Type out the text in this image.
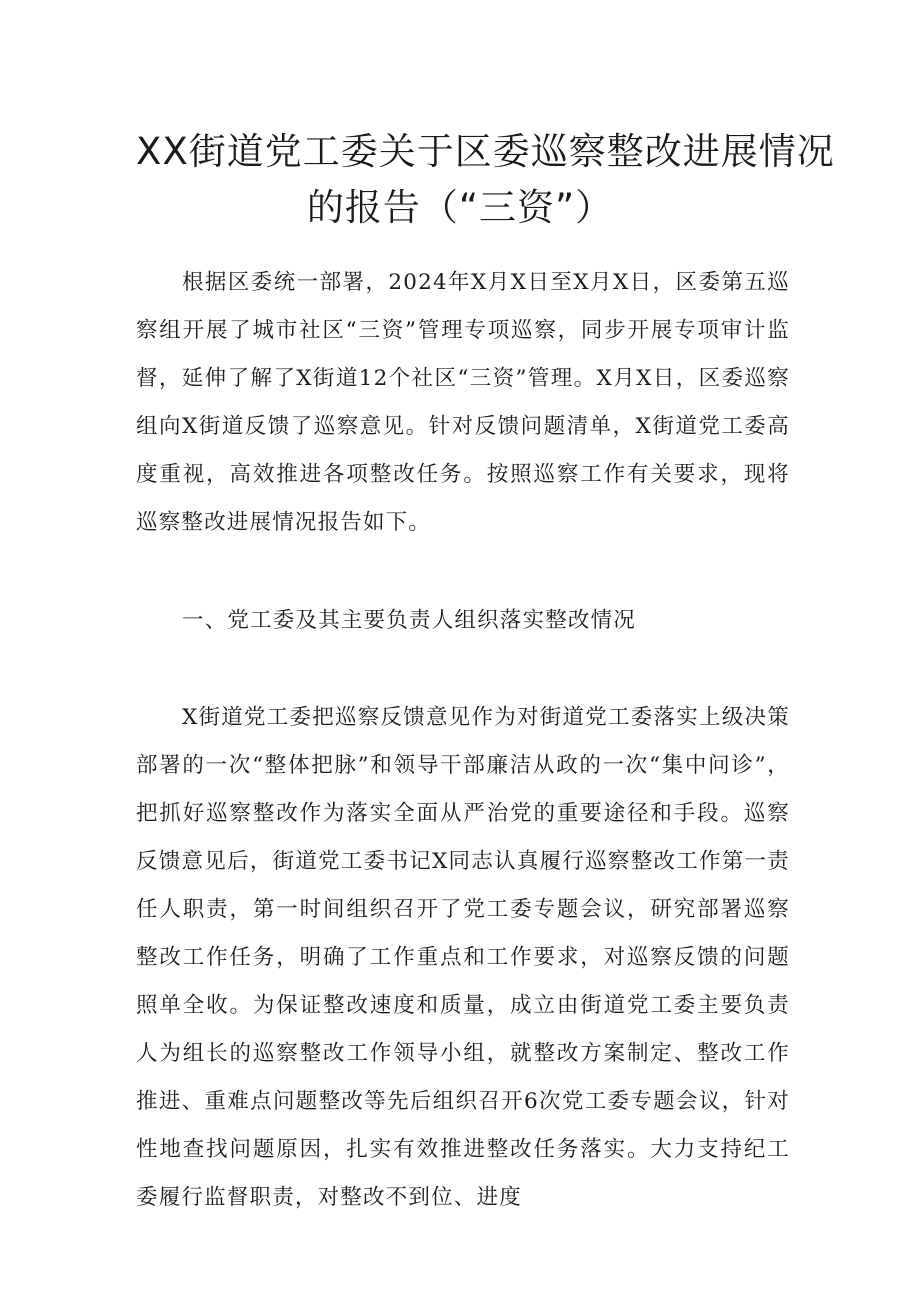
XX街道党工委关于区委巡察整改进展情况
的报告（“三资”）

根据区委统一部署，2024年X月X日至X月X日，区委第五巡察组开展了城市社区“三资”管理专项巡察，同步开展专项审计监督，延伸了解了X街道12个社区“三资”管理。X月X日，区委巡察组向X街道反馈了巡察意见。针对反馈问题清单，X街道党工委高度重视，高效推进各项整改任务。按照巡察工作有关要求，现将巡察整改进展情况报告如下。

一、党工委及其主要负责人组织落实整改情况

X街道党工委把巡察反馈意见作为对街道党工委落实上级决策部署的一次“整体把脉”和领导干部廉洁从政的一次“集中问诊”，把抓好巡察整改作为落实全面从严治党的重要途径和手段。巡察反馈意见后，街道党工委书记X同志认真履行巡察整改工作第一责任人职责，第一时间组织召开了党工委专题会议，研究部署巡察整改工作任务，明确了工作重点和工作要求，对巡察反馈的问题照单全收。为保证整改速度和质量，成立由街道党工委主要负责人为组长的巡察整改工作领导小组，就整改方案制定、整改工作推进、重难点问题整改等先后组织召开6次党工委专题会议，针对性地查找问题原因，扎实有效推进整改任务落实。大力支持纪工委履行监督职责，对整改不到位、进度
